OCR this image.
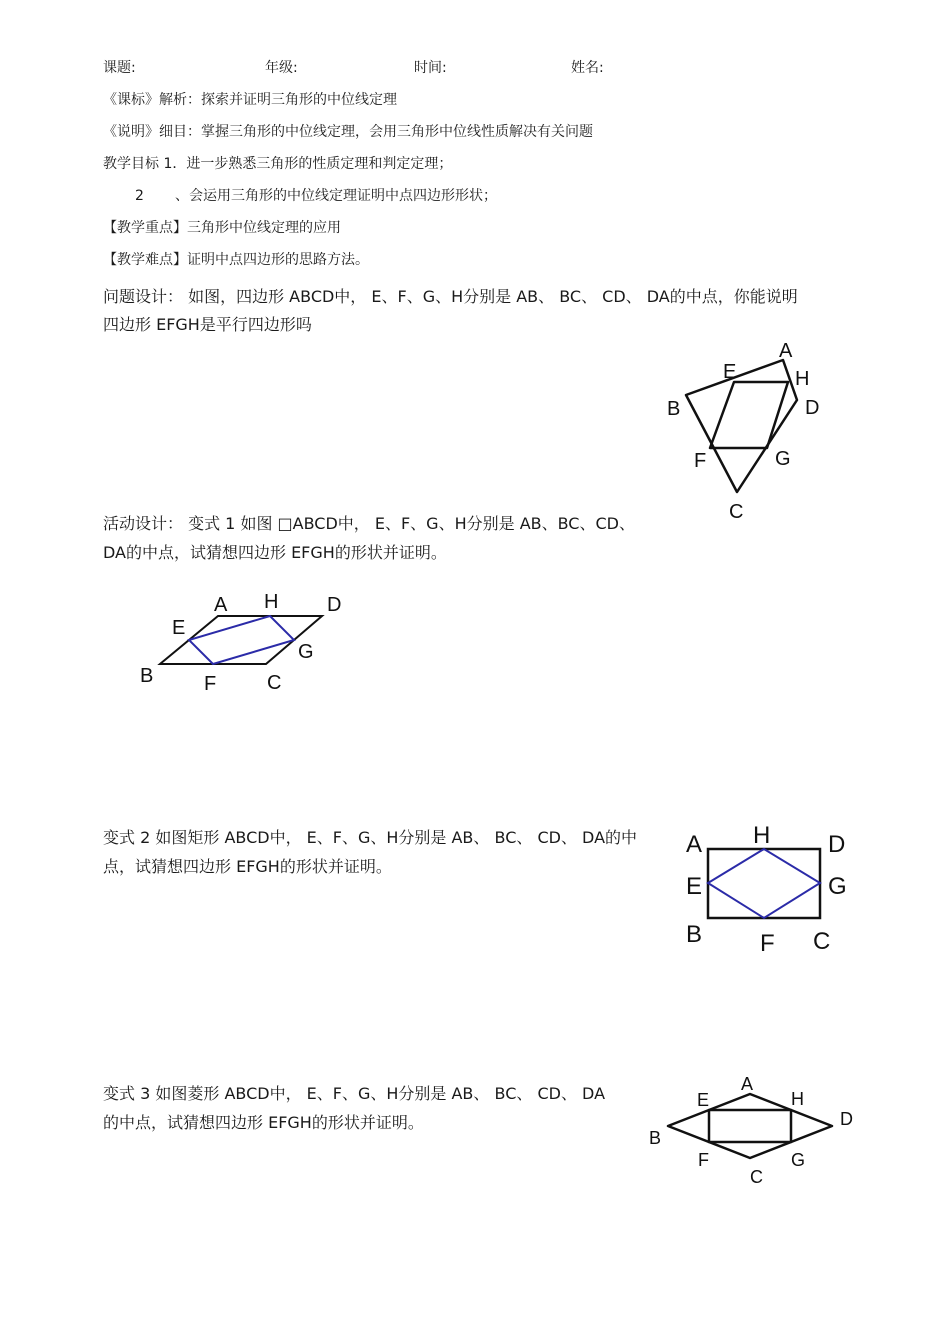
课题:	年级:	时间:	姓名:
《课标》解析：探索并证明三角形的中位线定理
《说明》细目：掌握三角形的中位线定理，会用三角形中位线性质解决有关问题
教学目标 1．进一步熟悉三角形的性质定理和判定定理；
2 、会运用三角形的中位线定理证明中点四边形形状；
【教学重点】三角形中位线定理的应用
【教学难点】证明中点四边形的思路方法。
问题设计： 如图，四边形 ABCD中， E、F、G、H分别是 AB、 BC、 CD、 DA的中点，你能说明
四边形 EFGH是平行四边形吗
A
E	H
B	D
F	G
C
活动设计： 变式 1 如图 □ABCD中， E、F、G、H分别是 AB、BC、CD、
DA的中点，试猜想四边形 EFGH的形状并证明。
A H D
E
G
B	F	C
变式 2 如图矩形 ABCD中， E、F、G、H分别是 AB、 BC、 CD、 DA的中
点，试猜想四边形 EFGH的形状并证明。
A H D
E	G
B F C
变式 3 如图菱形 ABCD中， E、F、G、H分别是 AB、 BC、 CD、 DA
的中点，试猜想四边形 EFGH的形状并证明。
A
E	H
D
B
F	G
C
